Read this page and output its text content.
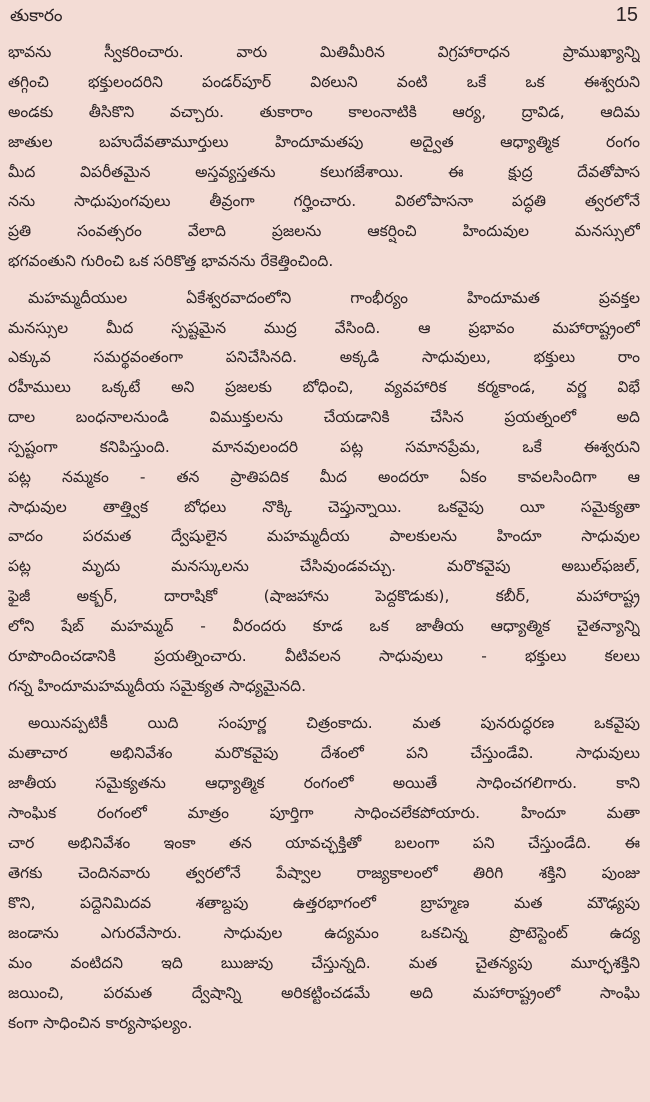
తుకారం	15
భావను స్వీకరించారు. వారు మితిమీరిన విగ్రహారాధన ప్రాముఖ్యాన్ని
తగ్గించి భక్తులందరిని పండర్‌పూర్ విఠలుని వంటి ఒకే ఒక ఈశ్వరుని
అండకు తీసికొని వచ్చారు. తుకారాం కాలంనాటికి ఆర్య, ద్రావిడ, ఆదిమ
జాతుల బహుదేవతామూర్తులు హిందూమతపు అద్వైత ఆధ్యాత్మిక రంగం
మీద విపరీతమైన అస్తవ్యస్తతను కలుగజేశాయి. ఈ క్షుద్ర దేవతోపాస
నను సాధుపుంగవులు తీవ్రంగా గర్హించారు. విఠలోపాసనా పద్ధతి త్వరలోనే
ప్రతి సంవత్సరం వేలాది ప్రజలను ఆకర్షించి హిందువుల మనస్సులో
భగవంతుని గురించి ఒక సరికొత్త భావనను రేకెత్తించింది.
మహమ్మదీయుల ఏకేశ్వరవాదంలోని గాంభీర్యం హిందూమత ప్రవక్తల
మనస్సుల మీద స్పష్టమైన ముద్ర వేసింది. ఆ ప్రభావం మహారాష్ట్రంలో
ఎక్కువ సమర్థవంతంగా పనిచేసినది. అక్కడి సాధువులు, భక్తులు రాం
రహీములు ఒక్కటే అని ప్రజలకు బోధించి, వ్యవహారిక కర్మకాండ, వర్ణ విభే
దాల బంధనాలనుండి విముక్తులను చేయడానికి చేసిన ప్రయత్నంలో అది
స్పష్టంగా కనిపిస్తుంది. మానవులందరి పట్ల సమానప్రేమ, ఒకే ఈశ్వరుని
పట్ల నమ్మకం - తన ప్రాతిపదిక మీద అందరూ ఏకం కావలసిందిగా ఆ
సాధువుల తాత్త్విక బోధలు నొక్కి చెప్తున్నాయి. ఒకవైపు యీ సమైక్యతా
వాదం పరమత ద్వేషులైన మహమ్మదీయ పాలకులను హిందూ సాధువుల
పట్ల మృదు మనస్కులను చేసివుండవచ్చు. మరొకవైపు అబుల్‌ఫజల్,
ఫైజీ అక్బర్, దారాషికో (షాజహాను పెద్దకొడుకు), కబీర్, మహారాష్ట్ర
లోని షేబ్ మహమ్మద్ - వీరందరు కూడ ఒక జాతీయ ఆధ్యాత్మిక చైతన్యాన్ని
రూపొందించడానికి ప్రయత్నించారు. వీటివలన సాధువులు - భక్తులు కలలు
గన్న హిందూమహమ్మదీయ సమైక్యత సాధ్యమైనది.
అయినప్పటికీ యిది సంపూర్ణ చిత్రంకాదు. మత పునరుద్ధరణ ఒకవైపు
మతాచార అభినివేశం మరొకవైపు దేశంలో పని చేస్తుండేవి. సాధువులు
జాతీయ సమైక్యతను ఆధ్యాత్మిక రంగంలో అయితే సాధించగలిగారు. కాని
సాంఘిక రంగంలో మాత్రం పూర్తిగా సాధించలేకపోయారు. హిందూ మతా
చార అభినివేశం ఇంకా తన యావచ్ఛక్తితో బలంగా పని చేస్తుండేది. ఈ
తెగకు చెందినవారు త్వరలోనే పేష్వాల రాజ్యకాలంలో తిరిగి శక్తిని పుంజు
కొని, పద్దెనిమిదవ శతాబ్దపు ఉత్తరభాగంలో బ్రాహ్మణ మత మౌఢ్యపు
జండాను ఎగురవేసారు. సాధువుల ఉద్యమం ఒకచిన్న ప్రొటెస్టెంట్ ఉద్య
మం వంటిదని ఇది ఋజువు చేస్తున్నది. మత చైతన్యపు మూర్ఛశక్తిని
జయించి, పరమత ద్వేషాన్ని అరికట్టించడమే అది మహారాష్ట్రంలో సాంఘి
కంగా సాధించిన కార్యసాఫల్యం.
